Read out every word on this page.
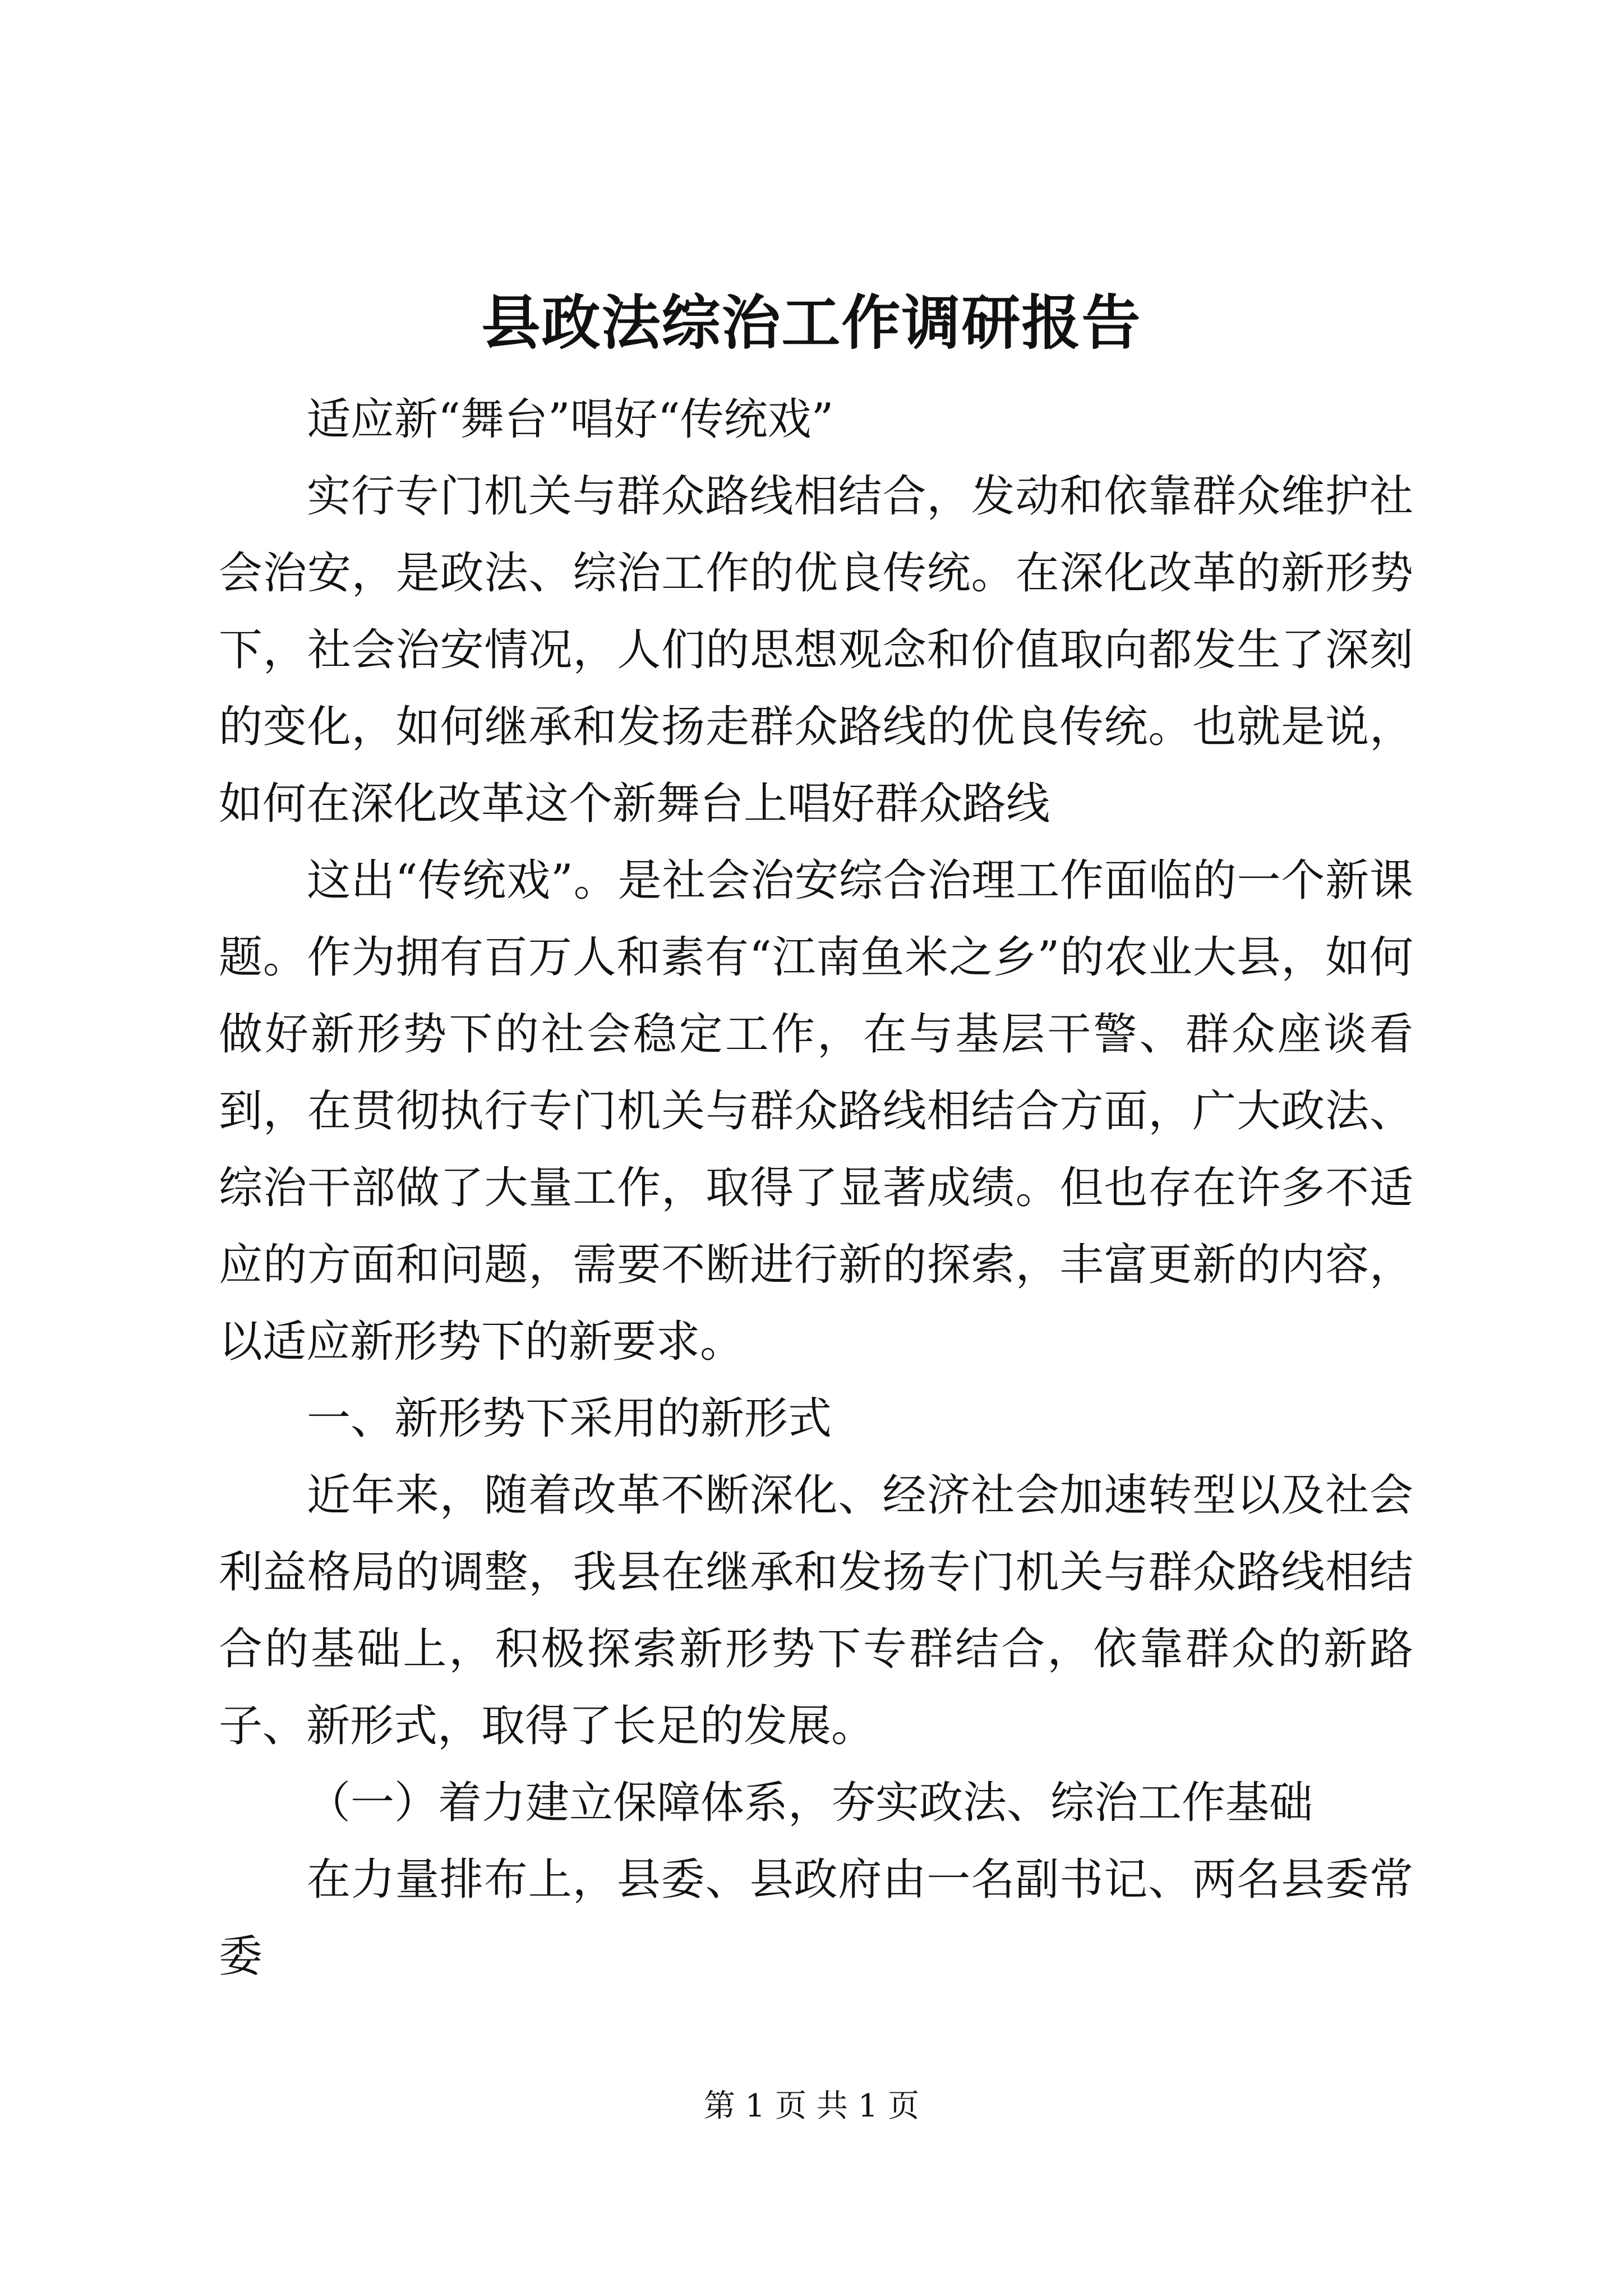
县政法综治工作调研报告

适应新“舞台”唱好“传统戏”

实行专门机关与群众路线相结合，发动和依靠群众维护社会治安，是政法、综治工作的优良传统。在深化改革的新形势下，社会治安情况，人们的思想观念和价值取向都发生了深刻的变化，如何继承和发扬走群众路线的优良传统。也就是说，如何在深化改革这个新舞台上唱好群众路线

这出“传统戏”。是社会治安综合治理工作面临的一个新课题。作为拥有百万人和素有“江南鱼米之乡”的农业大县，如何做好新形势下的社会稳定工作，在与基层干警、群众座谈看到，在贯彻执行专门机关与群众路线相结合方面，广大政法、综治干部做了大量工作，取得了显著成绩。但也存在许多不适应的方面和问题，需要不断进行新的探索，丰富更新的内容，以适应新形势下的新要求。

一、新形势下采用的新形式

近年来，随着改革不断深化、经济社会加速转型以及社会利益格局的调整，我县在继承和发扬专门机关与群众路线相结合的基础上，积极探索新形势下专群结合，依靠群众的新路子、新形式，取得了长足的发展。

（一）着力建立保障体系，夯实政法、综治工作基础

在力量排布上，县委、县政府由一名副书记、两名县委常委

第 1 页 共 1 页
